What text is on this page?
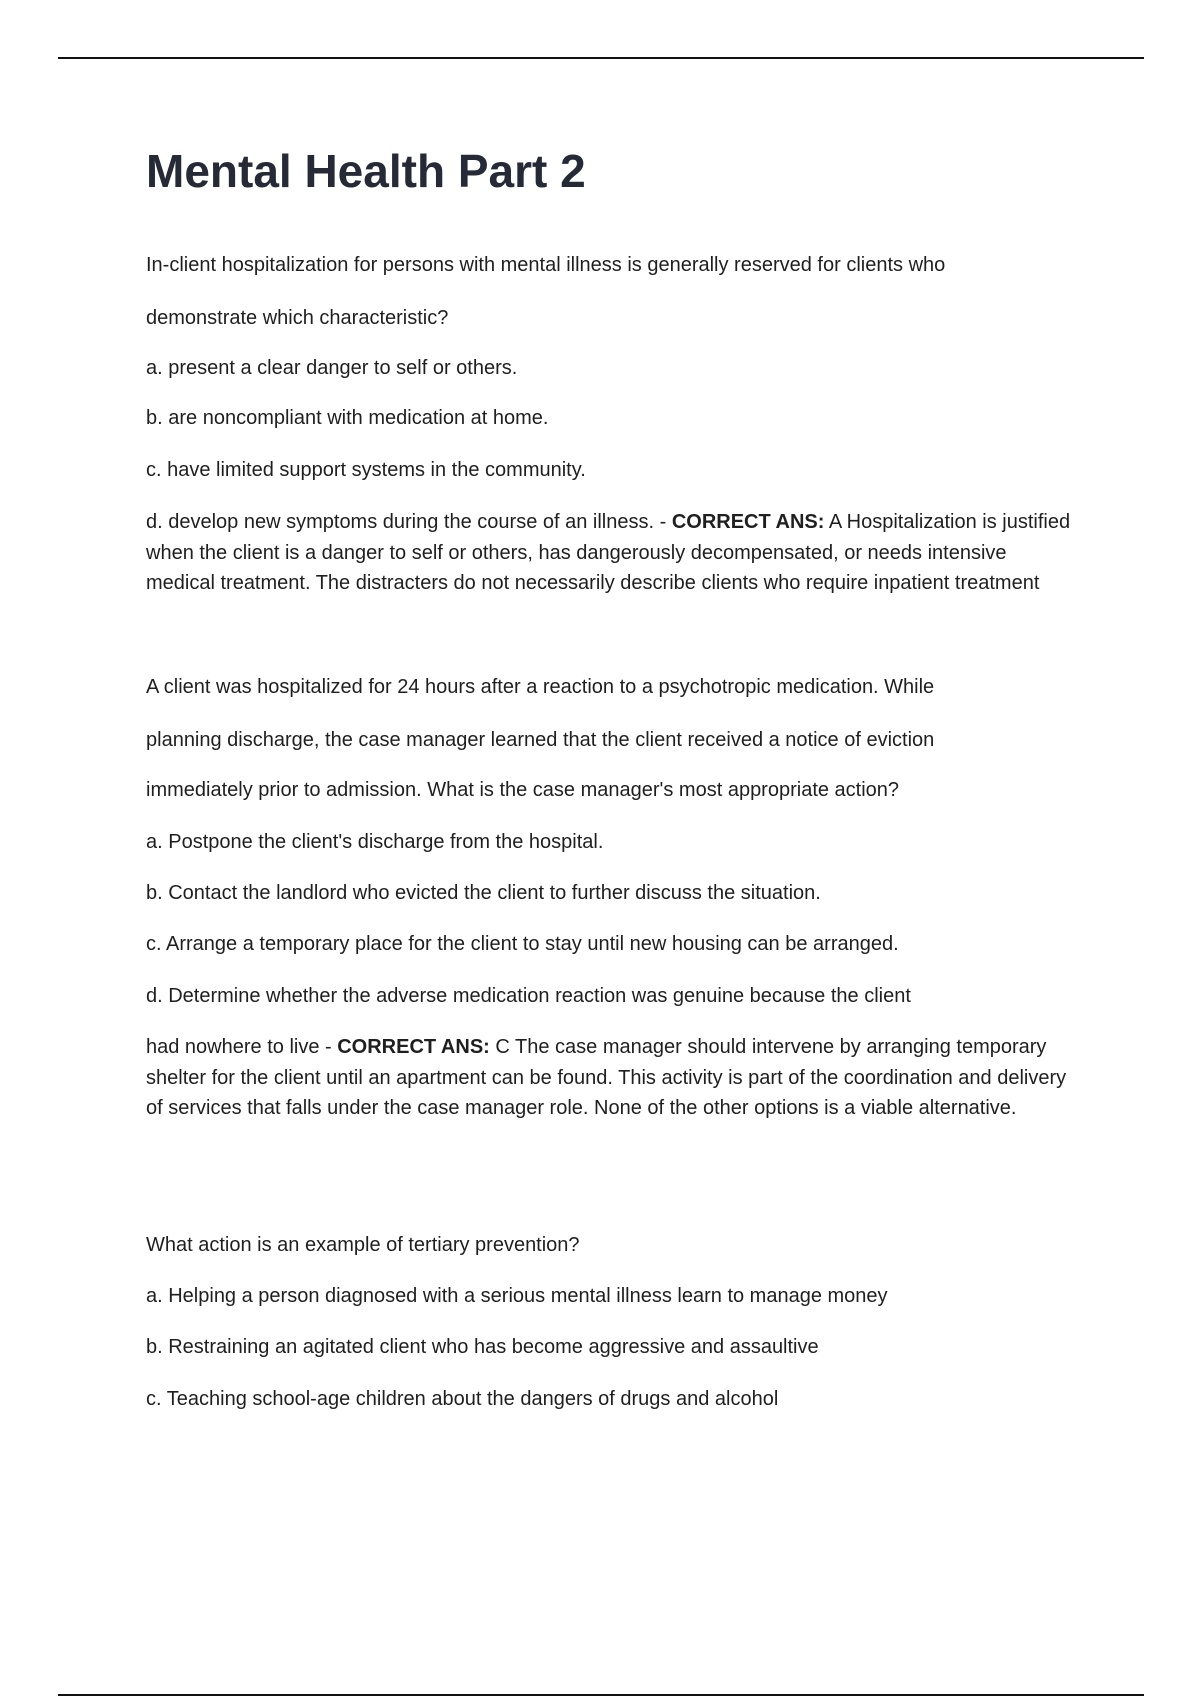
Mental Health Part 2
In-client hospitalization for persons with mental illness is generally reserved for clients who
demonstrate which characteristic?
a. present a clear danger to self or others.
b. are noncompliant with medication at home.
c. have limited support systems in the community.
d. develop new symptoms during the course of an illness. - CORRECT ANS: A Hospitalization is justified when the client is a danger to self or others, has dangerously decompensated, or needs intensive medical treatment. The distracters do not necessarily describe clients who require inpatient treatment
A client was hospitalized for 24 hours after a reaction to a psychotropic medication. While
planning discharge, the case manager learned that the client received a notice of eviction
immediately prior to admission. What is the case manager's most appropriate action?
a. Postpone the client's discharge from the hospital.
b. Contact the landlord who evicted the client to further discuss the situation.
c. Arrange a temporary place for the client to stay until new housing can be arranged.
d. Determine whether the adverse medication reaction was genuine because the client
had nowhere to live - CORRECT ANS: C The case manager should intervene by arranging temporary shelter for the client until an apartment can be found. This activity is part of the coordination and delivery of services that falls under the case manager role. None of the other options is a viable alternative.
What action is an example of tertiary prevention?
a. Helping a person diagnosed with a serious mental illness learn to manage money
b. Restraining an agitated client who has become aggressive and assaultive
c. Teaching school-age children about the dangers of drugs and alcohol
